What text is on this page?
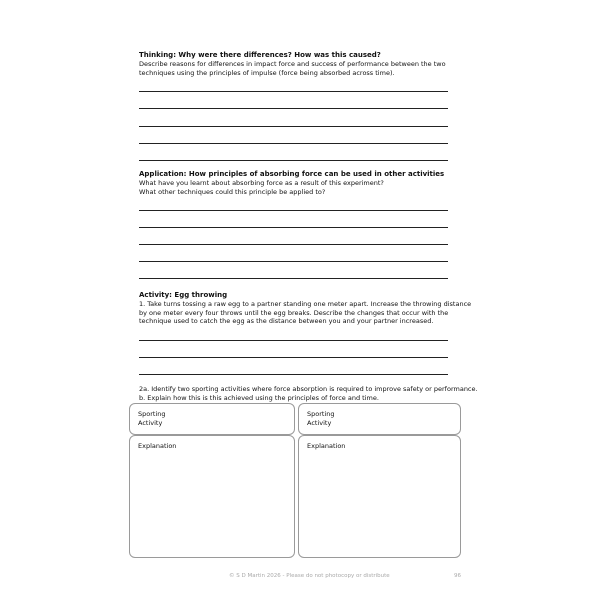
Thinking: Why were there differences? How was this caused?
Describe reasons for differences in impact force and success of performance between the two
techniques using the principles of impulse (force being absorbed across time).
Application: How principles of absorbing force can be used in other activities
What have you learnt about absorbing force as a result of this experiment?
What other techniques could this principle be applied to?
Activity: Egg throwing
1. Take turns tossing a raw egg to a partner standing one meter apart. Increase the throwing distance
by one meter every four throws until the egg breaks. Describe the changes that occur with the
technique used to catch the egg as the distance between you and your partner increased.
2a. Identify two sporting activities where force absorption is required to improve safety or performance.
b. Explain how this is this achieved using the principles of force and time.
Sporting
Activity
Explanation
Sporting
Activity
Explanation
© S D Martin 2026 - Please do not photocopy or distribute	96
